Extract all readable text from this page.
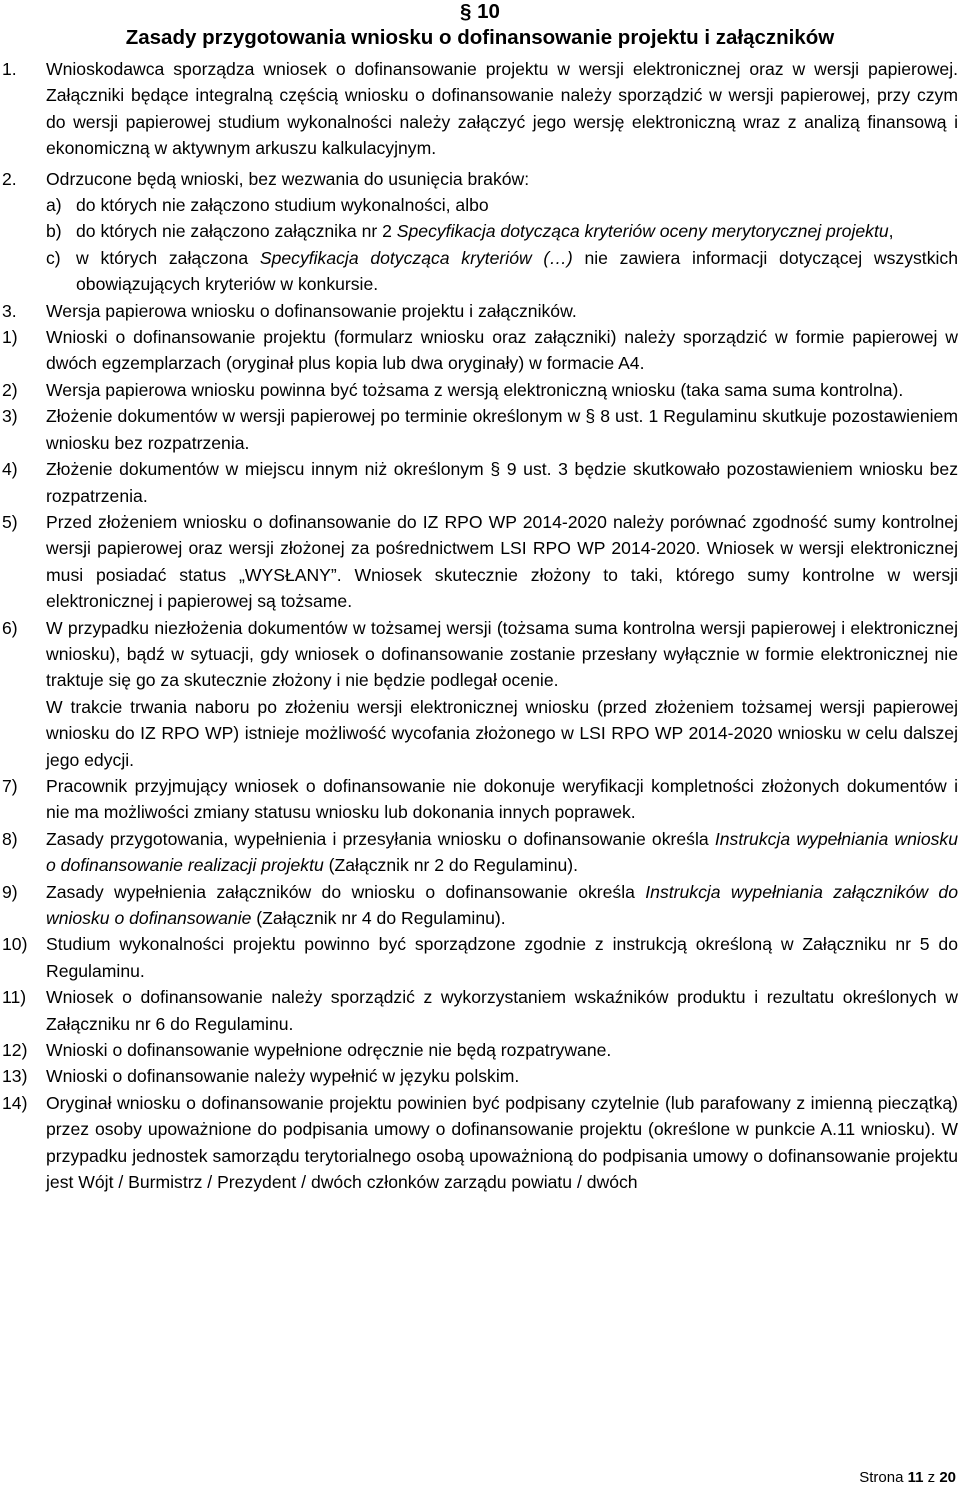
§ 10
Zasady przygotowania wniosku o dofinansowanie projektu i załączników
1. Wnioskodawca sporządza wniosek o dofinansowanie projektu w wersji elektronicznej oraz w wersji papierowej. Załączniki będące integralną częścią wniosku o dofinansowanie należy sporządzić w wersji papierowej, przy czym do wersji papierowej studium wykonalności należy załączyć jego wersję elektroniczną wraz z analizą finansową i ekonomiczną w aktywnym arkuszu kalkulacyjnym.
2. Odrzucone będą wnioski, bez wezwania do usunięcia braków:
a) do których nie załączono studium wykonalności, albo
b) do których nie załączono załącznika nr 2 Specyfikacja dotycząca kryteriów oceny merytorycznej projektu,
c) w których załączona Specyfikacja dotycząca kryteriów (…) nie zawiera informacji dotyczącej wszystkich obowiązujących kryteriów w konkursie.
3. Wersja papierowa wniosku o dofinansowanie projektu i załączników.
1) Wnioski o dofinansowanie projektu (formularz wniosku oraz załączniki) należy sporządzić w formie papierowej w dwóch egzemplarzach (oryginał plus kopia lub dwa oryginały) w formacie A4.
2) Wersja papierowa wniosku powinna być tożsama z wersją elektroniczną wniosku (taka sama suma kontrolna).
3) Złożenie dokumentów w wersji papierowej po terminie określonym w § 8 ust. 1 Regulaminu skutkuje pozostawieniem wniosku bez rozpatrzenia.
4) Złożenie dokumentów w miejscu innym niż określonym § 9 ust. 3 będzie skutkowało pozostawieniem wniosku bez rozpatrzenia.
5) Przed złożeniem wniosku o dofinansowanie do IZ RPO WP 2014-2020 należy porównać zgodność sumy kontrolnej wersji papierowej oraz wersji złożonej za pośrednictwem LSI RPO WP 2014-2020. Wniosek w wersji elektronicznej musi posiadać status „WYSŁANY”. Wniosek skutecznie złożony to taki, którego sumy kontrolne w wersji elektronicznej i papierowej są tożsame.
6) W przypadku niezłożenia dokumentów w tożsamej wersji (tożsama suma kontrolna wersji papierowej i elektronicznej wniosku), bądź w sytuacji, gdy wniosek o dofinansowanie zostanie przesłany wyłącznie w formie elektronicznej nie traktuje się go za skutecznie złożony i nie będzie podlegał ocenie.
W trakcie trwania naboru po złożeniu wersji elektronicznej wniosku (przed złożeniem tożsamej wersji papierowej wniosku do IZ RPO WP) istnieje możliwość wycofania złożonego w LSI RPO WP 2014-2020 wniosku w celu dalszej jego edycji.
7) Pracownik przyjmujący wniosek o dofinansowanie nie dokonuje weryfikacji kompletności złożonych dokumentów i nie ma możliwości zmiany statusu wniosku lub dokonania innych poprawek.
8) Zasady przygotowania, wypełnienia i przesyłania wniosku o dofinansowanie określa Instrukcja wypełniania wniosku o dofinansowanie realizacji projektu (Załącznik nr 2 do Regulaminu).
9) Zasady wypełnienia załączników do wniosku o dofinansowanie określa Instrukcja wypełniania załączników do wniosku o dofinansowanie (Załącznik nr 4 do Regulaminu).
10) Studium wykonalności projektu powinno być sporządzone zgodnie z instrukcją określoną w Załączniku nr 5 do Regulaminu.
11) Wniosek o dofinansowanie należy sporządzić z wykorzystaniem wskaźników produktu i rezultatu określonych w Załączniku nr 6 do Regulaminu.
12) Wnioski o dofinansowanie wypełnione odręcznie nie będą rozpatrywane.
13) Wnioski o dofinansowanie należy wypełnić w języku polskim.
14) Oryginał wniosku o dofinansowanie projektu powinien być podpisany czytelnie (lub parafowany z imienną pieczątką) przez osoby upoważnione do podpisania umowy o dofinansowanie projektu (określone w punkcie A.11 wniosku). W przypadku jednostek samorządu terytorialnego osobą upoważnioną do podpisania umowy o dofinansowanie projektu jest Wójt / Burmistrz / Prezydent / dwóch członków zarządu powiatu / dwóch
Strona 11 z 20
